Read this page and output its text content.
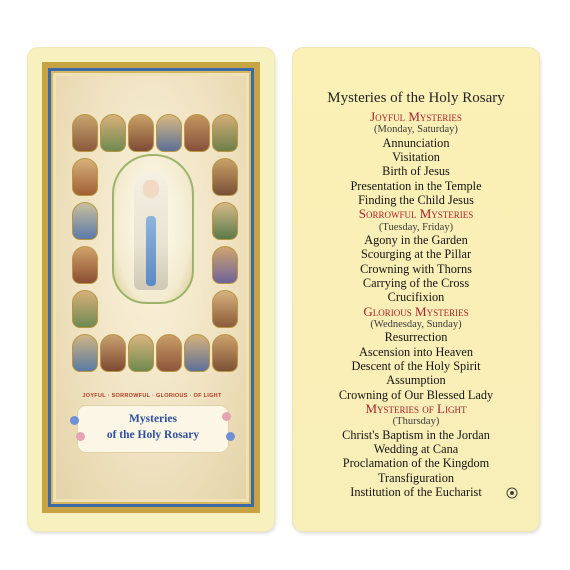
JOYFUL · SORROWFUL · GLORIOUS · OF LIGHT
Mysteries
of the Holy Rosary
Mysteries of the Holy Rosary
Joyful Mysteries
(Monday, Saturday)
Annunciation
Visitation
Birth of Jesus
Presentation in the Temple
Finding the Child Jesus
Sorrowful Mysteries
(Tuesday, Friday)
Agony in the Garden
Scourging at the Pillar
Crowning with Thorns
Carrying of the Cross
Crucifixion
Glorious Mysteries
(Wednesday, Sunday)
Resurrection
Ascension into Heaven
Descent of the Holy Spirit
Assumption
Crowning of Our Blessed Lady
Mysteries of Light
(Thursday)
Christ's Baptism in the Jordan
Wedding at Cana
Proclamation of the Kingdom
Transfiguration
Institution of the Eucharist
